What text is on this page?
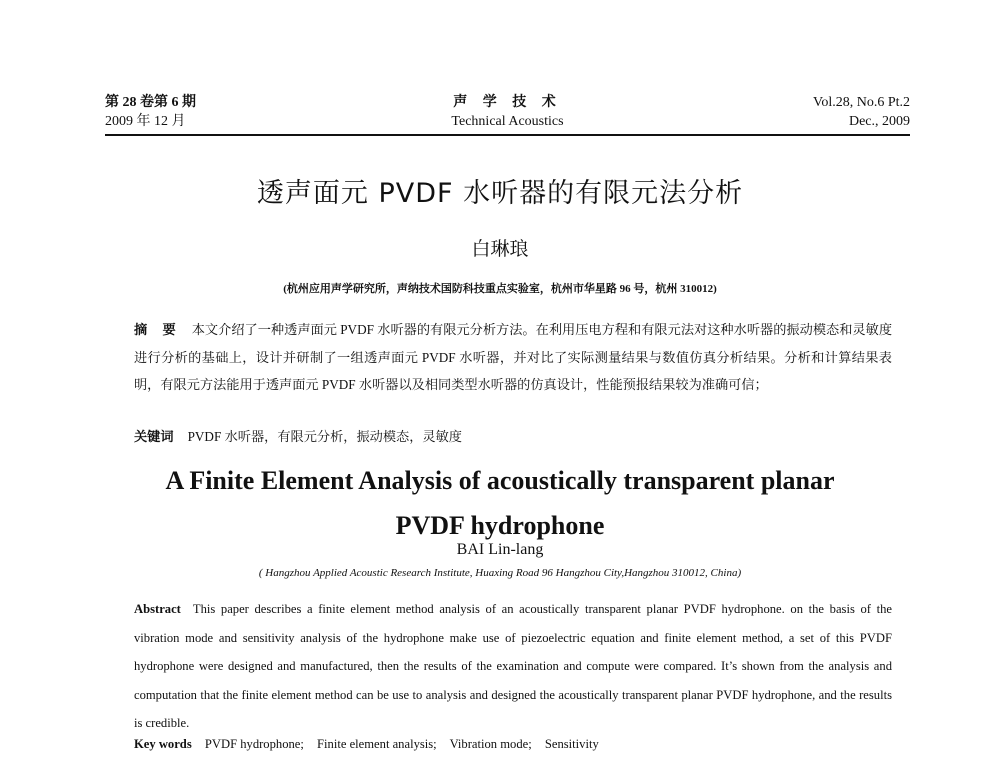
第 28 卷第 6 期
2009 年 12 月
声 学 技 术
Technical Acoustics
Vol.28, No.6 Pt.2
Dec., 2009
透声面元 PVDF 水听器的有限元法分析
白琳琅
(杭州应用声学研究所，声纳技术国防科技重点实验室，杭州市华星路 96 号，杭州 310012)
摘 要 本文介绍了一种透声面元 PVDF 水听器的有限元分析方法。在利用压电方程和有限元法对这种水听器的振动模态和灵敏度进行分析的基础上，设计并研制了一组透声面元 PVDF 水听器，并对比了实际测量结果与数值仿真分析结果。分析和计算结果表明，有限元方法能用于透声面元 PVDF 水听器以及相同类型水听器的仿真设计，性能预报结果较为准确可信；
关键词 PVDF 水听器，有限元分析，振动模态，灵敏度
A Finite Element Analysis of acoustically transparent planar
PVDF hydrophone
BAI Lin-lang
( Hangzhou Applied Acoustic Research Institute, Huaxing Road 96 Hangzhou City,Hangzhou 310012, China)
Abstract This paper describes a finite element method analysis of an acoustically transparent planar PVDF hydrophone. on the basis of the vibration mode and sensitivity analysis of the hydrophone make use of piezoelectric equation and finite element method, a set of this PVDF hydrophone were designed and manufactured, then the results of the examination and compute were compared. It’s shown from the analysis and computation that the finite element method can be use to analysis and designed the acoustically transparent planar PVDF hydrophone, and the results is credible.
Key words PVDF hydrophone; Finite element analysis; Vibration mode; Sensitivity
